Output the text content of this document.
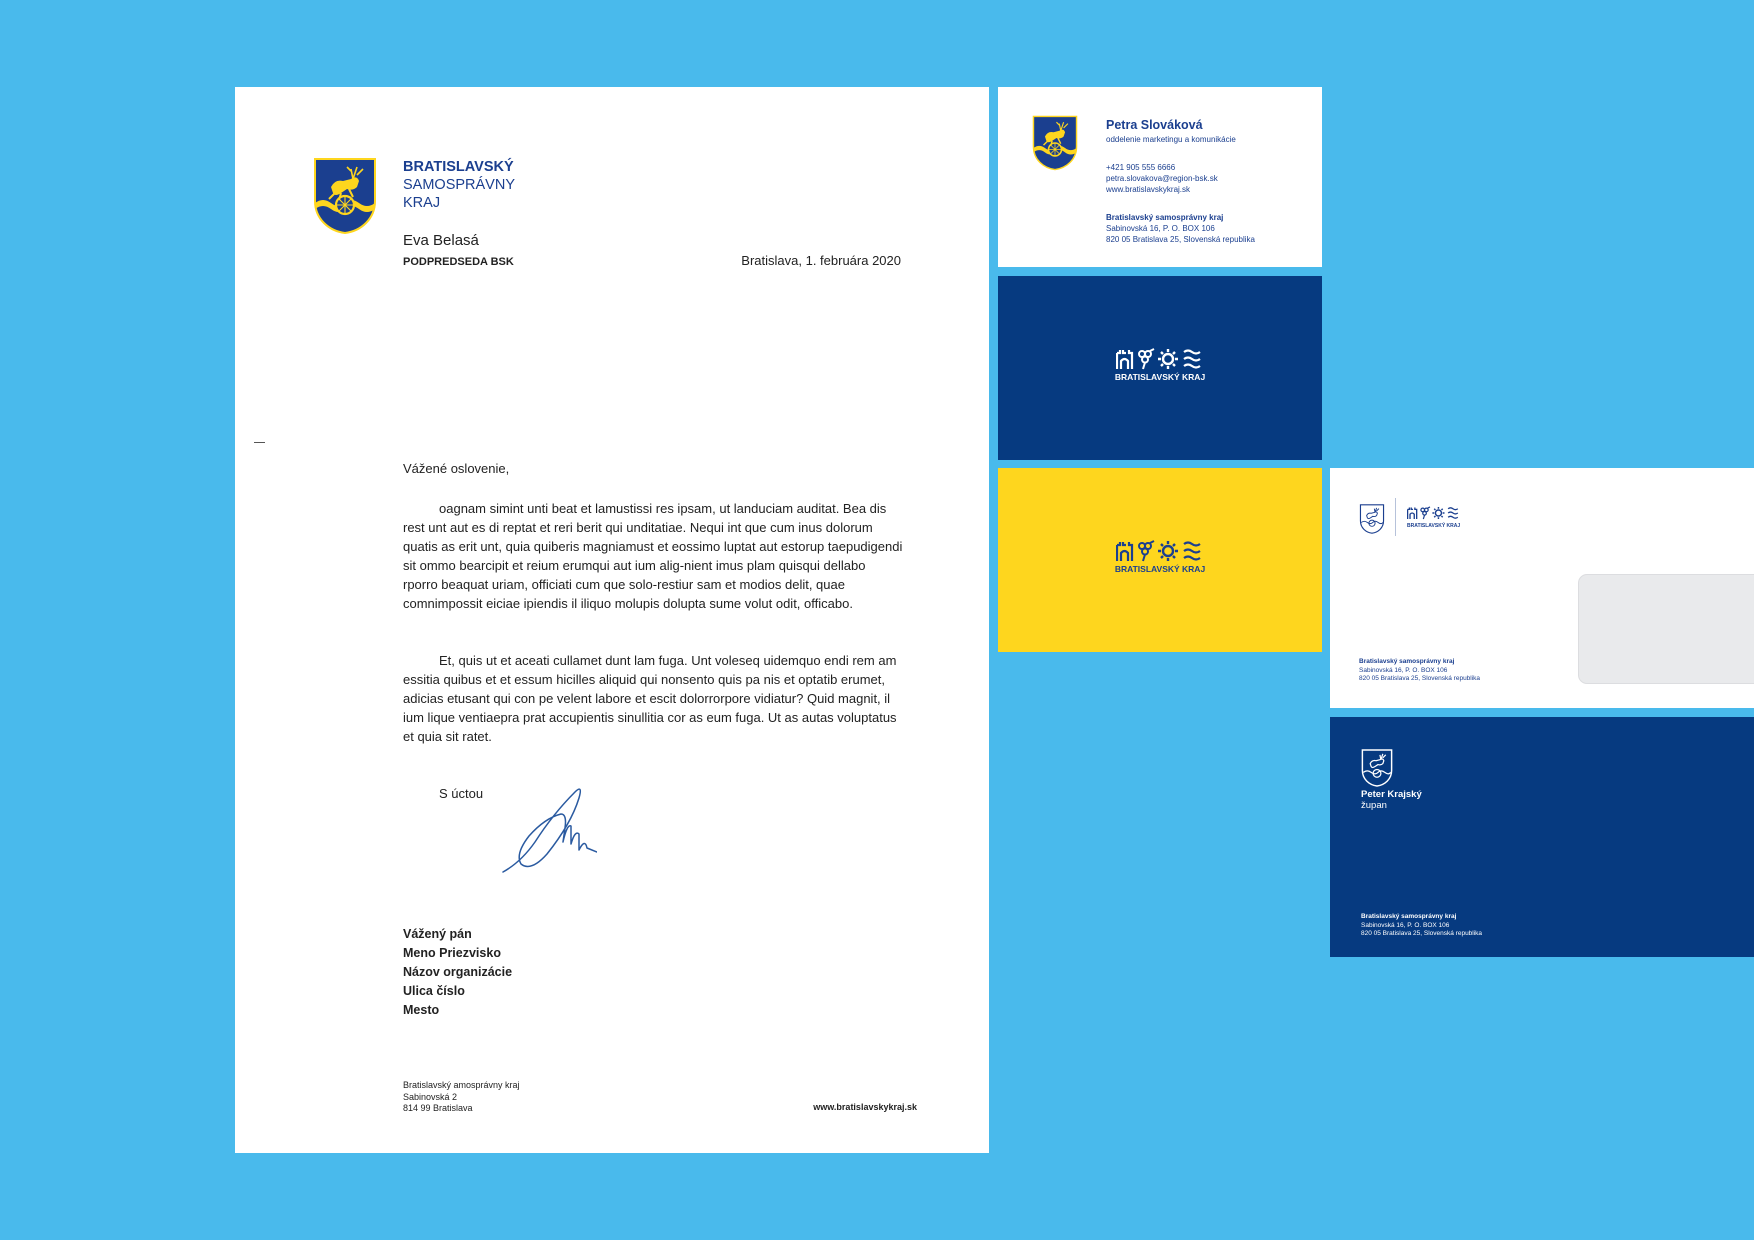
BRATISLAVSKÝ
SAMOSPRÁVNY
KRAJ
Eva Belasá
PODPREDSEDA BSK	Bratislava, 1. februára 2020
Vážené oslovenie,
oagnam simint unti beat et lamustissi res ipsam, ut landuciam auditat. Bea dis rest unt aut es di reptat et reri berit qui unditatiae. Nequi int que cum inus dolorum quatis as erit unt, quia quiberis magniamust et eossimo luptat aut estorup taepudigendi sit ommo bearcipit et reium erumqui aut ium alig-nient imus plam quisqui dellabo rporro beaquat uriam, officiati cum que solo-restiur sam et modios delit, quae comnimpossit eiciae ipiendis il iliquo molupis dolupta sume volut odit, officabo.
Et, quis ut et aceati cullamet dunt lam fuga. Unt voleseq uidemquo endi rem am essitia quibus et et essum hicilles aliquid qui nonsento quis pa nis et optatib erumet, adicias etusant qui con pe velent labore et escit dolorrorpore vidiatur? Quid magnit, il ium lique ventiaepra prat accupientis sinullitia cor as eum fuga. Ut as autas voluptatus et quia sit ratet.
S úctou
Vážený pán
Meno Priezvisko
Názov organizácie
Ulica číslo
Mesto
Bratislavský amosprávny kraj
Sabinovská 2
814 99 Bratislava	www.bratislavskykraj.sk
Petra Slováková
oddelenie marketingu a komunikácie
+421 905 555 6666
petra.slovakova@region-bsk.sk
www.bratislavskykraj.sk
Bratislavský samosprávny kraj
Sabinovská 16, P. O. BOX 106
820 05 Bratislava 25, Slovenská republika
BRATISLAVSKÝ KRAJ
BRATISLAVSKÝ KRAJ
BRATISLAVSKÝ KRAJ
Bratislavský samosprávny kraj
Sabinovská 16, P. O. BOX 106
820 05 Bratislava 25, Slovenská republika
Peter Krajský
župan
Bratislavský samosprávny kraj
Sabinovská 16, P. O. BOX 106
820 05 Bratislava 25, Slovenská republika
